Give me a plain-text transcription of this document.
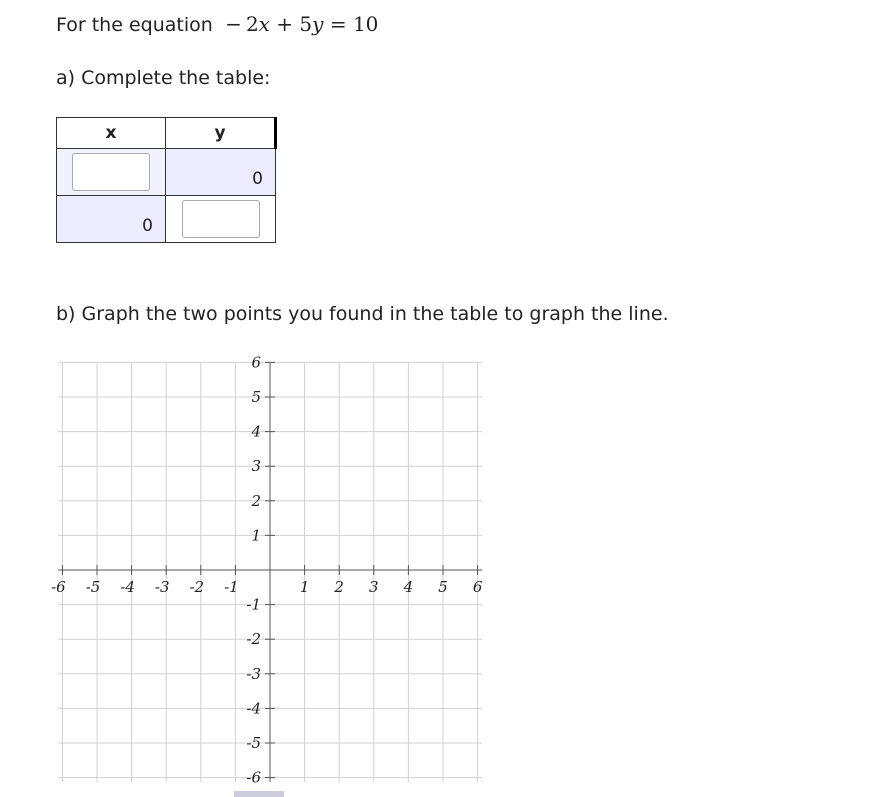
For the equation  − 2x + 5y = 10
a) Complete the table:
x	y

	0
0	
b) Graph the two points you found in the table to graph the line.
-6 -5 -4 -3 -2 -1	1 2 3 4 5 6
6
5
4
3
2
1
-1
-2
-3
-4
-5
-6
